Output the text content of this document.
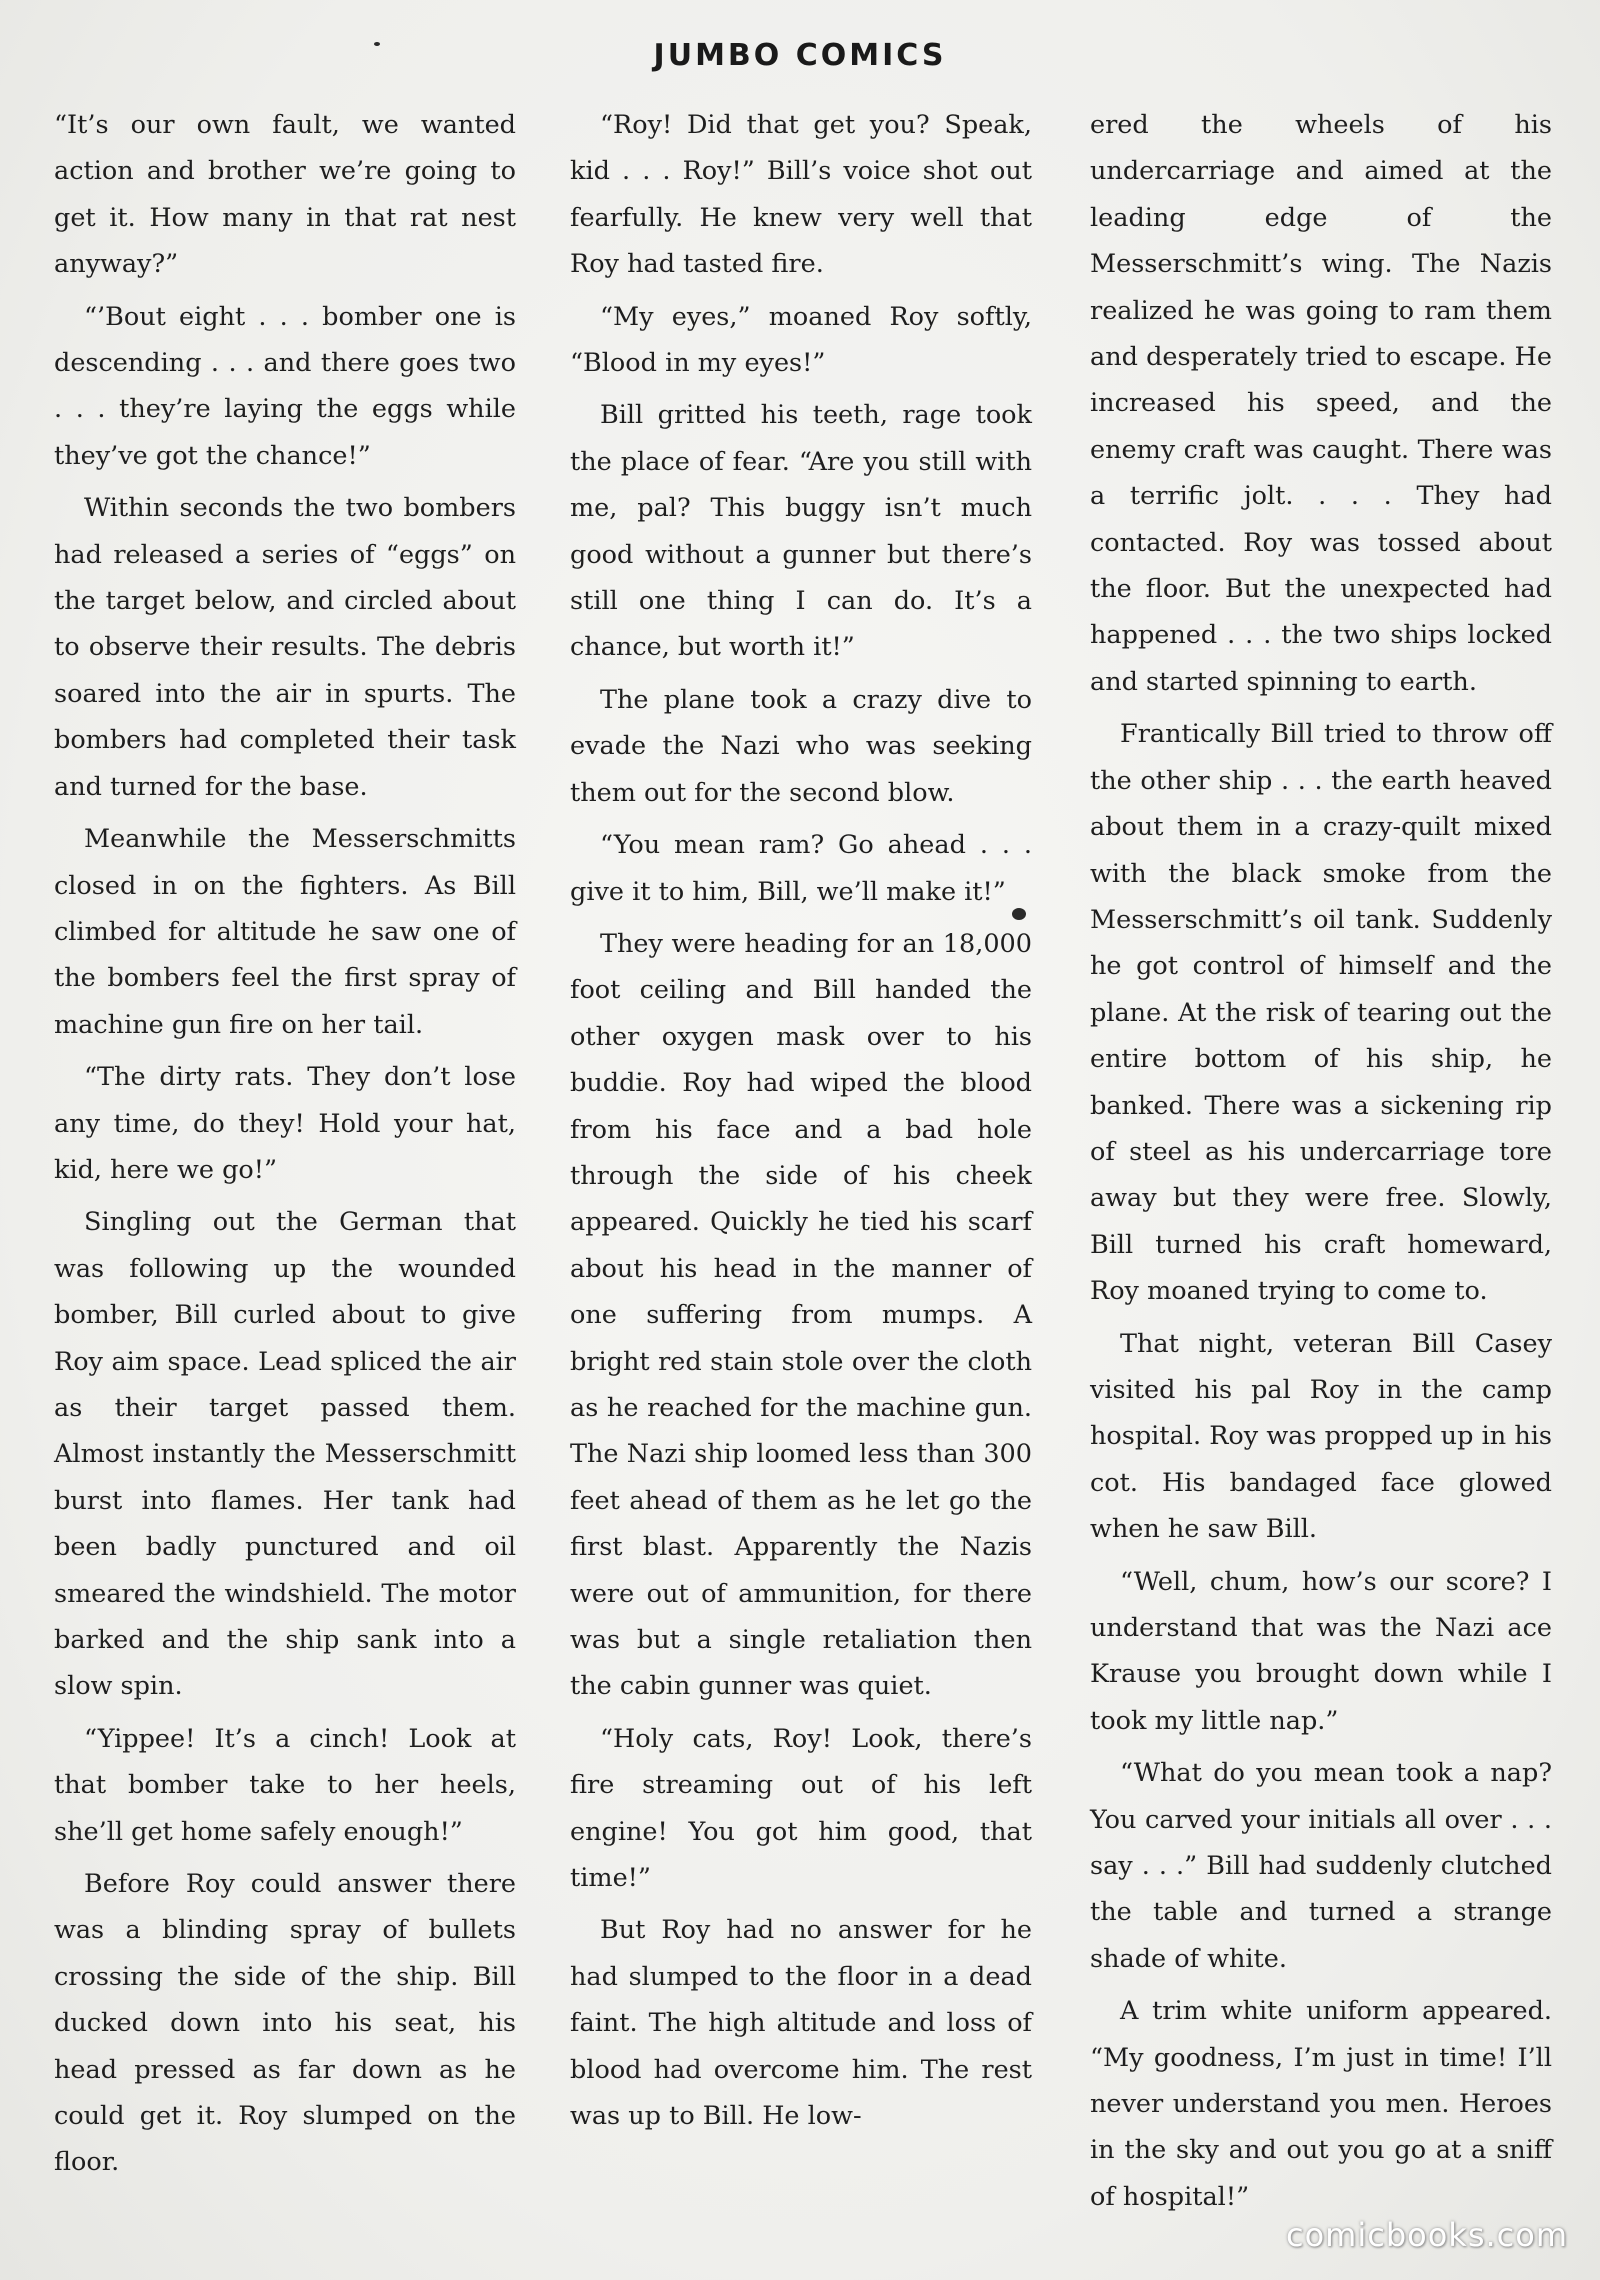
JUMBO COMICS

“It’s our own fault, we wanted action and brother we’re going to get it. How many in that rat nest anyway?”

“’Bout eight . . . bomber one is descending . . . and there goes two . . . they’re laying the eggs while they’ve got the chance!”

Within seconds the two bombers had released a series of “eggs” on the target below, and circled about to observe their results. The debris soared into the air in spurts. The bombers had completed their task and turned for the base.

Meanwhile the Messerschmitts closed in on the fighters. As Bill climbed for altitude he saw one of the bombers feel the first spray of machine gun fire on her tail.

“The dirty rats. They don’t lose any time, do they! Hold your hat, kid, here we go!”

Singling out the German that was following up the wounded bomber, Bill curled about to give Roy aim space. Lead spliced the air as their target passed them. Almost instantly the Messerschmitt burst into flames. Her tank had been badly punctured and oil smeared the windshield. The motor barked and the ship sank into a slow spin.

“Yippee! It’s a cinch! Look at that bomber take to her heels, she’ll get home safely enough!”

Before Roy could answer there was a blinding spray of bullets crossing the side of the ship. Bill ducked down into his seat, his head pressed as far down as he could get it. Roy slumped on the floor.

“Roy! Did that get you? Speak, kid . . . Roy!” Bill’s voice shot out fearfully. He knew very well that Roy had tasted fire.

“My eyes,” moaned Roy softly, “Blood in my eyes!”

Bill gritted his teeth, rage took the place of fear. “Are you still with me, pal? This buggy isn’t much good without a gunner but there’s still one thing I can do. It’s a chance, but worth it!”

The plane took a crazy dive to evade the Nazi who was seeking them out for the second blow.

“You mean ram? Go ahead . . . give it to him, Bill, we’ll make it!”

They were heading for an 18,000 foot ceiling and Bill handed the other oxygen mask over to his buddie. Roy had wiped the blood from his face and a bad hole through the side of his cheek appeared. Quickly he tied his scarf about his head in the manner of one suffering from mumps. A bright red stain stole over the cloth as he reached for the machine gun. The Nazi ship loomed less than 300 feet ahead of them as he let go the first blast. Apparently the Nazis were out of ammunition, for there was but a single retaliation then the cabin gunner was quiet.

“Holy cats, Roy! Look, there’s fire streaming out of his left engine! You got him good, that time!”

But Roy had no answer for he had slumped to the floor in a dead faint. The high altitude and loss of blood had overcome him. The rest was up to Bill. He low-

ered the wheels of his undercarriage and aimed at the leading edge of the Messerschmitt’s wing. The Nazis realized he was going to ram them and desperately tried to escape. He increased his speed, and the enemy craft was caught. There was a terrific jolt. . . . They had contacted. Roy was tossed about the floor. But the unexpected had happened . . . the two ships locked and started spinning to earth.

Frantically Bill tried to throw off the other ship . . . the earth heaved about them in a crazy-quilt mixed with the black smoke from the Messerschmitt’s oil tank. Suddenly he got control of himself and the plane. At the risk of tearing out the entire bottom of his ship, he banked. There was a sickening rip of steel as his undercarriage tore away but they were free. Slowly, Bill turned his craft homeward, Roy moaned trying to come to.

That night, veteran Bill Casey visited his pal Roy in the camp hospital. Roy was propped up in his cot. His bandaged face glowed when he saw Bill.

“Well, chum, how’s our score? I understand that was the Nazi ace Krause you brought down while I took my little nap.”

“What do you mean took a nap? You carved your initials all over . . . say . . .” Bill had suddenly clutched the table and turned a strange shade of white.

A trim white uniform appeared. “My goodness, I’m just in time! I’ll never understand you men. Heroes in the sky and out you go at a sniff of hospital!”

comicbooks.com
